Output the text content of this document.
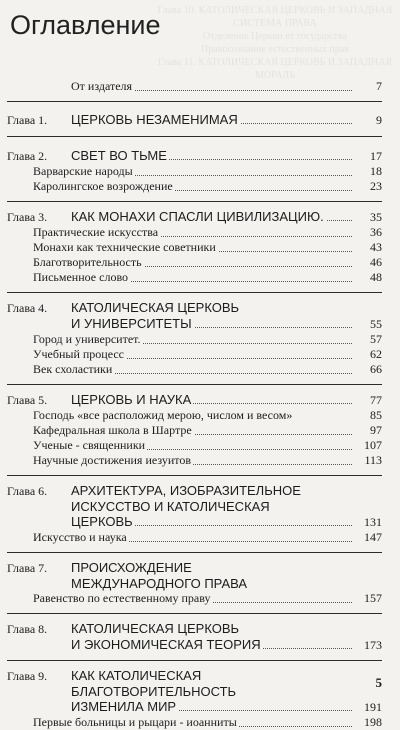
Глава 10. КАТОЛИЧЕСКАЯ ЦЕРКОВЬ И ЗАПАДНАЯ СИСТЕМА ПРАВА
Отделение Церкви от государства
Правосознание естественных прав
Глава 11. КАТОЛИЧЕСКАЯ ЦЕРКОВЬ И ЗАПАДНАЯ МОРАЛЬ
Оглавление
От издателя	7
Глава 1.	ЦЕРКОВЬ НЕЗАМЕНИМАЯ	9
Глава 2.	СВЕТ ВО ТЬМЕ	17
Варварские народы	18
Каролингское возрождение	23
Глава 3.	КАК МОНАХИ СПАСЛИ ЦИВИЛИЗАЦИЮ.	35
Практические искусства	36
Монахи как технические советники	43
Благотворительность	46
Письменное слово	48
Глава 4.	КАТОЛИЧЕСКАЯ ЦЕРКОВЬ
И УНИВЕРСИТЕТЫ	55
Город и университет.	57
Учебный процесс	62
Век схоластики	66
Глава 5.	ЦЕРКОВЬ И НАУКА	77
Господь «все расположид мерою, числом и весом»	85
Кафедральная школа в Шартре	97
Ученые - священники	107
Научные достижения иезуитов	113
Глава 6.	АРХИТЕКТУРА, ИЗОБРАЗИТЕЛЬНОЕ
ИСКУССТВО И КАТОЛИЧЕСКАЯ
ЦЕРКОВЬ	131
Искусство и наука	147
Глава 7.	ПРОИСХОЖДЕНИЕ
МЕЖДУНАРОДНОГО ПРАВА
Равенство по естественному праву	157
Глава 8.	КАТОЛИЧЕСКАЯ ЦЕРКОВЬ
И ЭКОНОМИЧЕСКАЯ ТЕОРИЯ	173
Глава 9.	КАК КАТОЛИЧЕСКАЯ
БЛАГОТВОРИТЕЛЬНОСТЬ
ИЗМЕНИЛА МИР	191
Первые больницы и рыцари - иоанниты	198
5
